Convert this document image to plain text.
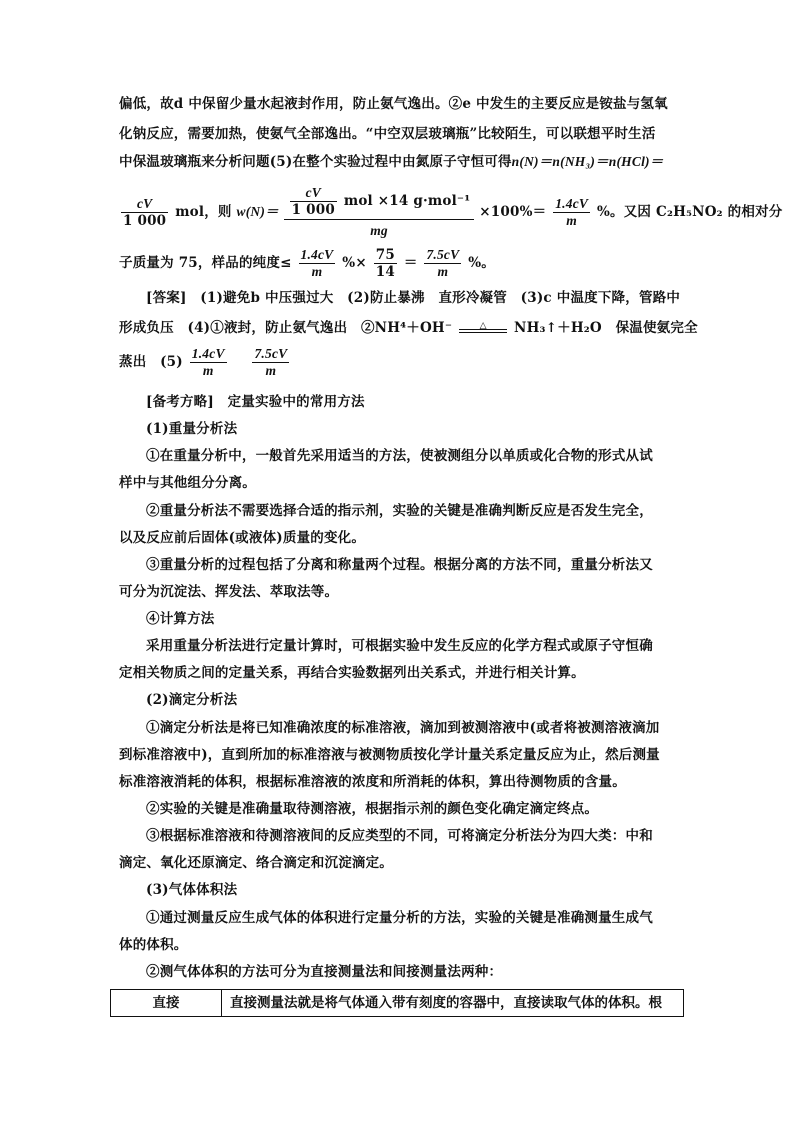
偏低，故d 中保留少量水起液封作用，防止氨气逸出。②e 中发生的主要反应是铵盐与氢氧
化钠反应，需要加热，使氨气全部逸出。“中空双层玻璃瓶”比较陌生，可以联想平时生活
中保温玻璃瓶来分析问题(5)在整个实验过程中由氮原子守恒可得n(N)＝n(NH₃)＝n(HCl)＝
$\frac{cV}{1 000}$ mol，则 $w(N)= \frac{\frac{cV}{1 000} mol \times 14 g\cdot mol^{-1}}{mg} \times 100\%= \frac{1.4cV}{m}$ %。又因 C₂H₅NO₂ 的相对分
子质量为 75，样品的纯度≤ $\frac{1.4cV}{m}$ %× $\frac{75}{14} = \frac{7.5cV}{m}$ %。
[答案]　(1)避免b 中压强过大　(2)防止暴沸　直形冷凝管　(3)c 中温度下降，管路中
形成负压　(4)①液封，防止氨气逸出　②NH⁴＋OH⁻	△	NH₃↑＋H₂O　保温使氨完全
蒸出　$(5) \frac{1.4cV}{m}$
$\frac{7.5cV}{m}$
[备考方略]　定量实验中的常用方法
(1)重量分析法
①在重量分析中，一般首先采用适当的方法，使被测组分以单质或化合物的形式从试
样中与其他组分分离。
②重量分析法不需要选择合适的指示剂，实验的关键是准确判断反应是否发生完全，
以及反应前后固体(或液体)质量的变化。
③重量分析的过程包括了分离和称量两个过程。根据分离的方法不同，重量分析法又
可分为沉淀法、挥发法、萃取法等。
④计算方法
采用重量分析法进行定量计算时，可根据实验中发生反应的化学方程式或原子守恒确
定相关物质之间的定量关系，再结合实验数据列出关系式，并进行相关计算。
(2)滴定分析法
①滴定分析法是将已知准确浓度的标准溶液，滴加到被测溶液中(或者将被测溶液滴加
到标准溶液中)，直到所加的标准溶液与被测物质按化学计量关系定量反应为止，然后测量
标准溶液消耗的体积，根据标准溶液的浓度和所消耗的体积，算出待测物质的含量。
②实验的关键是准确量取待测溶液，根据指示剂的颜色变化确定滴定终点。
③根据标准溶液和待测溶液间的反应类型的不同，可将滴定分析法分为四大类：中和
滴定、氧化还原滴定、络合滴定和沉淀滴定。
(3)气体体积法
①通过测量反应生成气体的体积进行定量分析的方法，实验的关键是准确测量生成气
体的体积。
②测气体体积的方法可分为直接测量法和间接测量法两种：
直接	直接测量法就是将气体通入带有刻度的容器中，直接读取气体的体积。根
